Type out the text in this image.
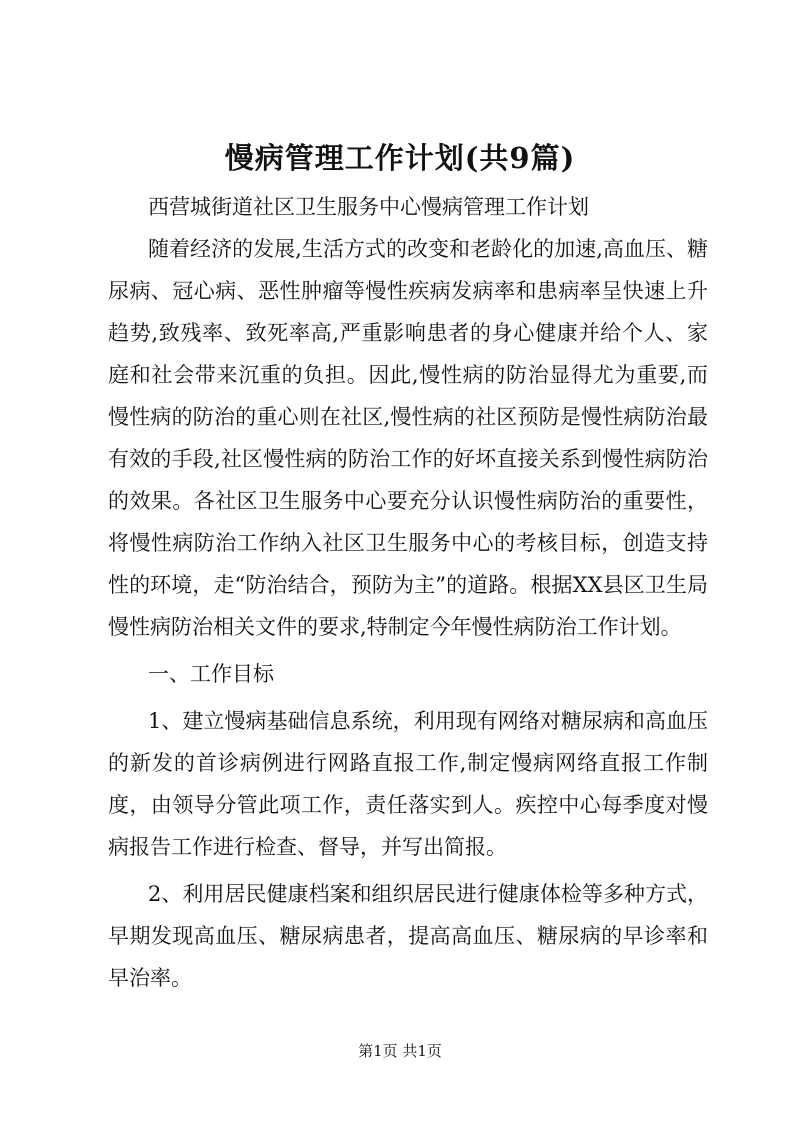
慢病管理工作计划(共9篇)

西营城街道社区卫生服务中心慢病管理工作计划

随着经济的发展,生活方式的改变和老龄化的加速,高血压、糖尿病、冠心病、恶性肿瘤等慢性疾病发病率和患病率呈快速上升趋势,致残率、致死率高,严重影响患者的身心健康并给个人、家庭和社会带来沉重的负担。因此,慢性病的防治显得尤为重要,而慢性病的防治的重心则在社区,慢性病的社区预防是慢性病防治最有效的手段,社区慢性病的防治工作的好坏直接关系到慢性病防治的效果。各社区卫生服务中心要充分认识慢性病防治的重要性，将慢性病防治工作纳入社区卫生服务中心的考核目标，创造支持性的环境，走“防治结合，预防为主”的道路。根据XX县区卫生局慢性病防治相关文件的要求,特制定今年慢性病防治工作计划。

一、工作目标

1、建立慢病基础信息系统，利用现有网络对糖尿病和高血压的新发的首诊病例进行网路直报工作,制定慢病网络直报工作制度，由领导分管此项工作，责任落实到人。疾控中心每季度对慢病报告工作进行检查、督导，并写出简报。

2、利用居民健康档案和组织居民进行健康体检等多种方式，早期发现高血压、糖尿病患者，提高高血压、糖尿病的早诊率和早治率。

第1页 共1页
